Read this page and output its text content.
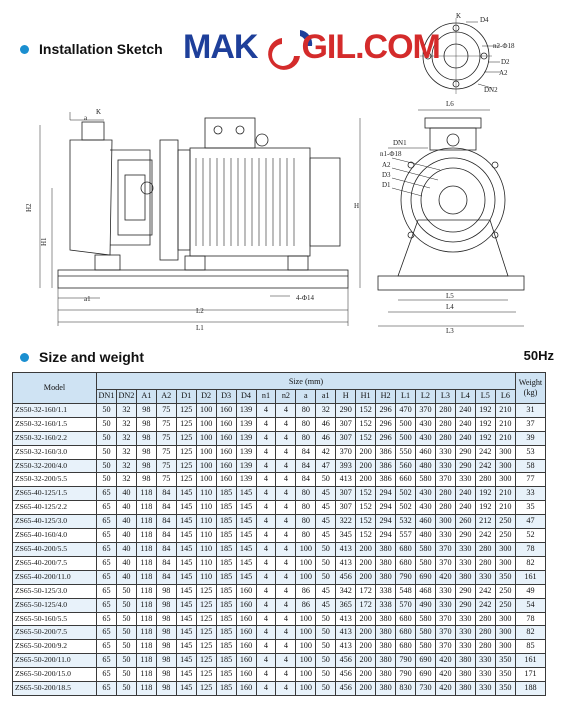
K
a
H2
H1
H
a1
L2
L1
4-Φ14
L6
DN1
n1-Φ18
A2
D3
D1
L5
L4
L3
K	D4
n2-Φ18
D2
A2
DN2
Installation Sketch MAK GIL.COM
Size and weight	50Hz
Model	Size (mm)																					Weight (kg)
	DN1	DN2	A1	A2	D1	D2	D3	D4	n1	n2	a	a1	H	H1	H2	L1	L2	L3	L4	L5	L6	
ZS50-32-160/1.1	50	32	98	75	125	100	160	139	4	4	80	32	290	152	296	470	370	280	240	192	210	31
ZS50-32-160/1.5	50	32	98	75	125	100	160	139	4	4	80	46	307	152	296	500	430	280	240	192	210	37
ZS50-32-160/2.2	50	32	98	75	125	100	160	139	4	4	80	46	307	152	296	500	430	280	240	192	210	39
ZS50-32-160/3.0	50	32	98	75	125	100	160	139	4	4	84	42	370	200	386	550	460	330	290	242	300	53
ZS50-32-200/4.0	50	32	98	75	125	100	160	139	4	4	84	47	393	200	386	560	480	330	290	242	300	58
ZS50-32-200/5.5	50	32	98	75	125	100	160	139	4	4	84	50	413	200	386	660	580	370	330	280	300	77
ZS65-40-125/1.5	65	40	118	84	145	110	185	145	4	4	80	45	307	152	294	502	430	280	240	192	210	33
ZS65-40-125/2.2	65	40	118	84	145	110	185	145	4	4	80	45	307	152	294	502	430	280	240	192	210	35
ZS65-40-125/3.0	65	40	118	84	145	110	185	145	4	4	80	45	322	152	294	532	460	300	260	212	250	47
ZS65-40-160/4.0	65	40	118	84	145	110	185	145	4	4	80	45	345	152	294	557	480	330	290	242	250	52
ZS65-40-200/5.5	65	40	118	84	145	110	185	145	4	4	100	50	413	200	380	680	580	370	330	280	300	78
ZS65-40-200/7.5	65	40	118	84	145	110	185	145	4	4	100	50	413	200	380	680	580	370	330	280	300	82
ZS65-40-200/11.0	65	40	118	84	145	110	185	145	4	4	100	50	456	200	380	790	690	420	380	330	350	161
ZS65-50-125/3.0	65	50	118	98	145	125	185	160	4	4	86	45	342	172	338	548	468	330	290	242	250	49
ZS65-50-125/4.0	65	50	118	98	145	125	185	160	4	4	86	45	365	172	338	570	490	330	290	242	250	54
ZS65-50-160/5.5	65	50	118	98	145	125	185	160	4	4	100	50	413	200	380	680	580	370	330	280	300	78
ZS65-50-200/7.5	65	50	118	98	145	125	185	160	4	4	100	50	413	200	380	680	580	370	330	280	300	82
ZS65-50-200/9.2	65	50	118	98	145	125	185	160	4	4	100	50	413	200	380	680	580	370	330	280	300	85
ZS65-50-200/11.0	65	50	118	98	145	125	185	160	4	4	100	50	456	200	380	790	690	420	380	330	350	161
ZS65-50-200/15.0	65	50	118	98	145	125	185	160	4	4	100	50	456	200	380	790	690	420	380	330	350	171
ZS65-50-200/18.5	65	50	118	98	145	125	185	160	4	4	100	50	456	200	380	830	730	420	380	330	350	188
